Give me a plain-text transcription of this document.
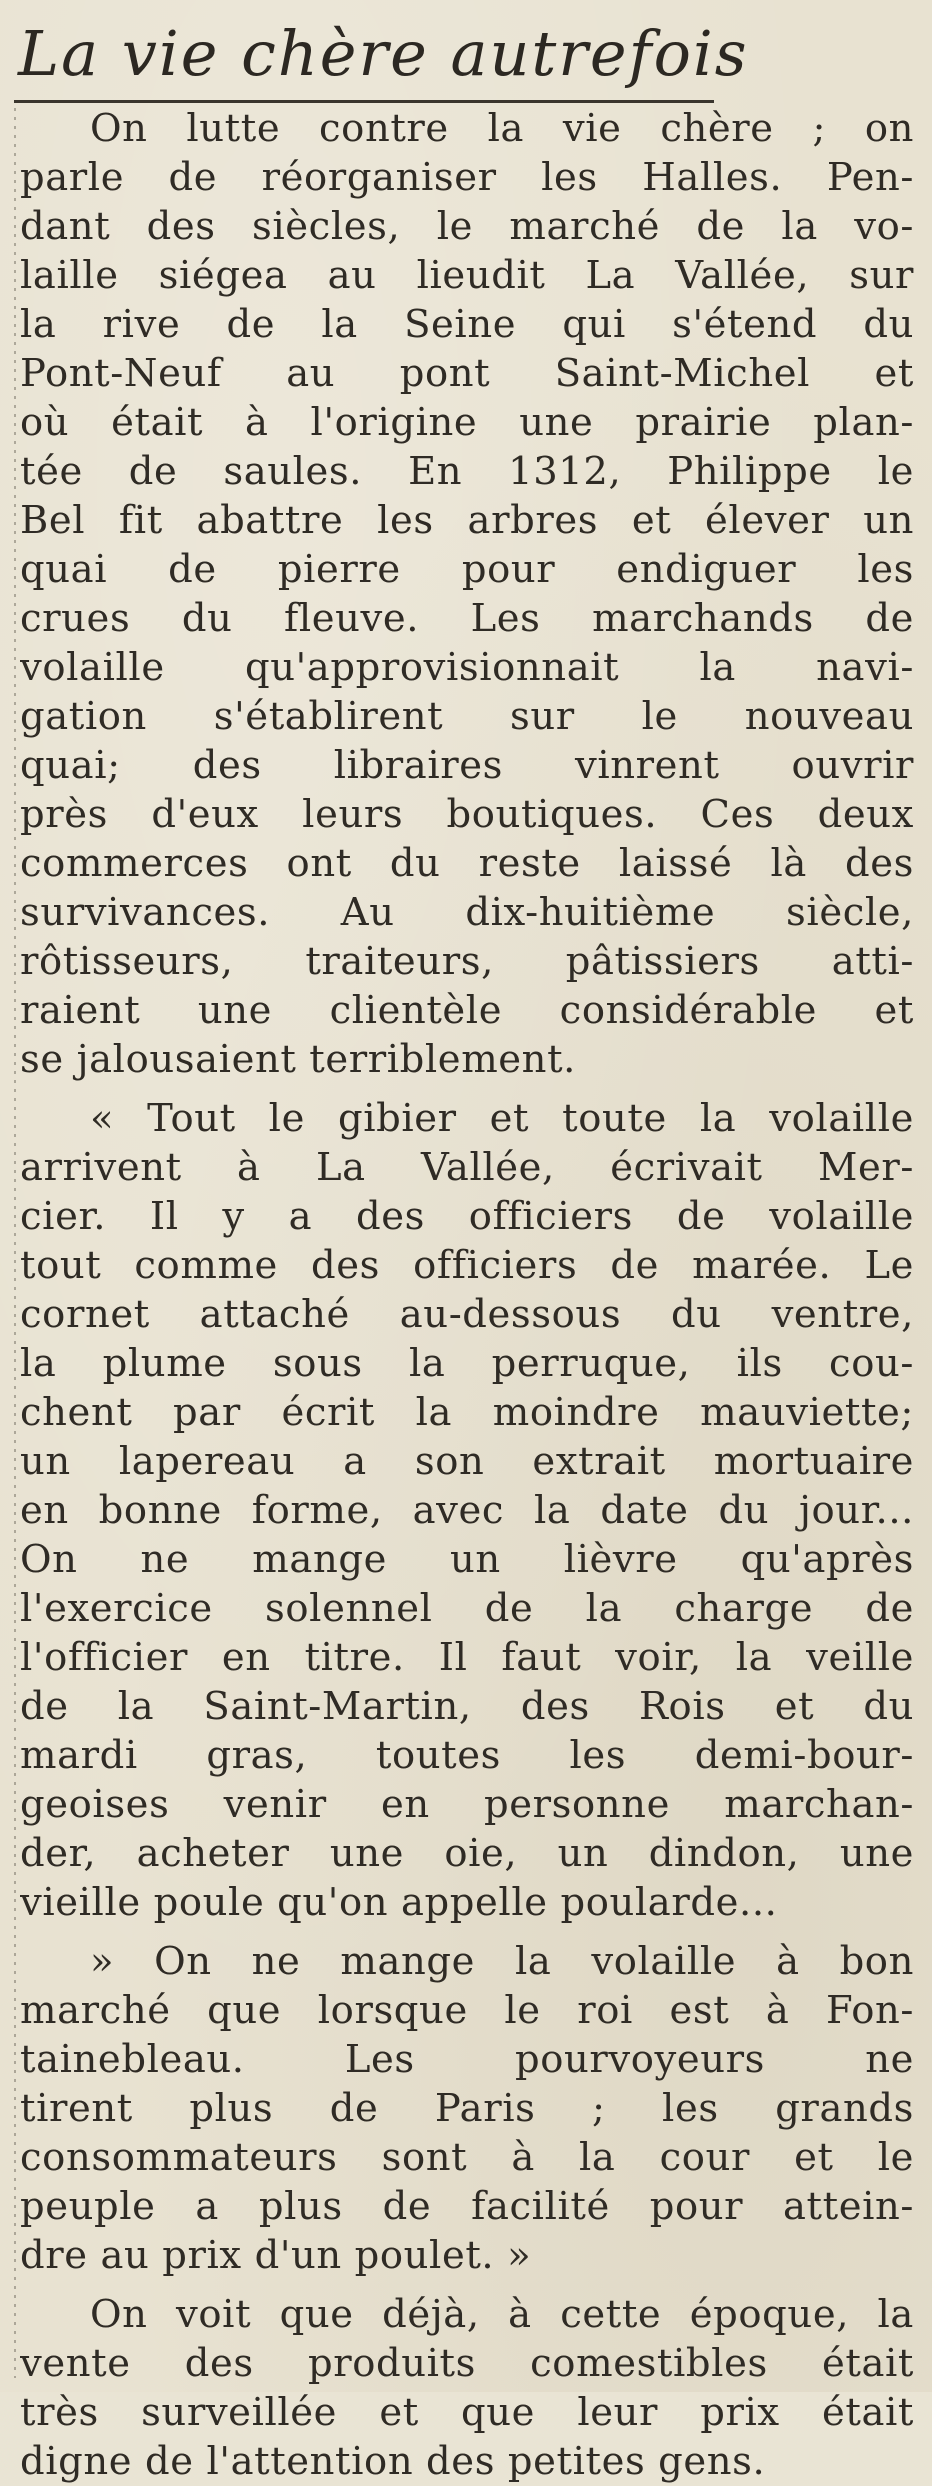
La vie chère autrefois
On lutte contre la vie chère ; on
parle de réorganiser les Halles. Pen-
dant des siècles, le marché de la vo-
laille siégea au lieudit La Vallée, sur
la rive de la Seine qui s'étend du
Pont-Neuf au pont Saint-Michel et
où était à l'origine une prairie plan-
tée de saules. En 1312, Philippe le
Bel fit abattre les arbres et élever un
quai de pierre pour endiguer les
crues du fleuve. Les marchands de
volaille qu'approvisionnait la navi-
gation s'établirent sur le nouveau
quai; des libraires vinrent ouvrir
près d'eux leurs boutiques. Ces deux
commerces ont du reste laissé là des
survivances. Au dix-huitième siècle,
rôtisseurs, traiteurs, pâtissiers atti-
raient une clientèle considérable et
se jalousaient terriblement.
« Tout le gibier et toute la volaille
arrivent à La Vallée, écrivait Mer-
cier. Il y a des officiers de volaille
tout comme des officiers de marée. Le
cornet attaché au-dessous du ventre,
la plume sous la perruque, ils cou-
chent par écrit la moindre mauviette;
un lapereau a son extrait mortuaire
en bonne forme, avec la date du jour...
On ne mange un lièvre qu'après
l'exercice solennel de la charge de
l'officier en titre. Il faut voir, la veille
de la Saint-Martin, des Rois et du
mardi gras, toutes les demi-bour-
geoises venir en personne marchan-
der, acheter une oie, un dindon, une
vieille poule qu'on appelle poularde...
» On ne mange la volaille à bon
marché que lorsque le roi est à Fon-
tainebleau. Les pourvoyeurs ne
tirent plus de Paris ; les grands
consommateurs sont à la cour et le
peuple a plus de facilité pour attein-
dre au prix d'un poulet. »
On voit que déjà, à cette époque, la
vente des produits comestibles était
très surveillée et que leur prix était
digne de l'attention des petites gens.
